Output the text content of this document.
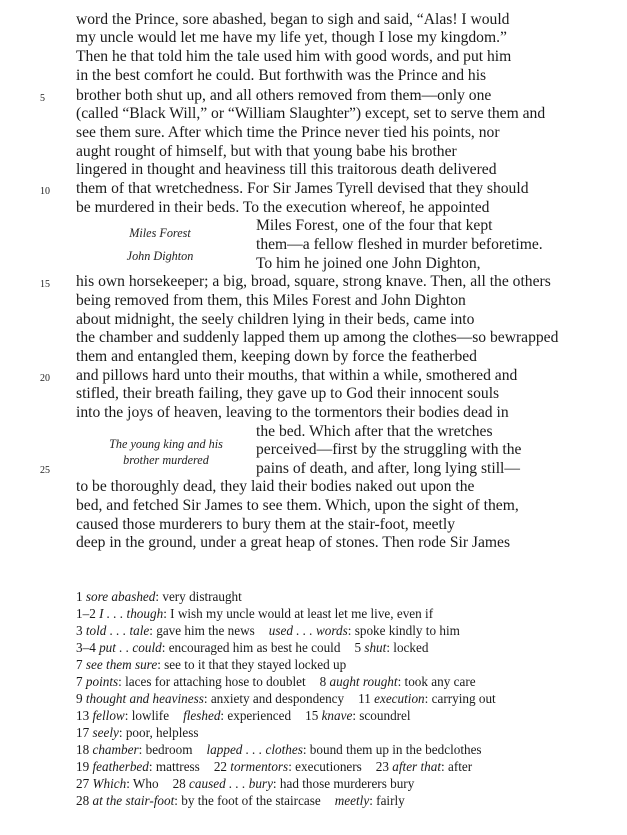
word the Prince, sore abashed, began to sigh and said, “Alas! I would
my uncle would let me have my life yet, though I lose my kingdom.”
Then he that told him the tale used him with good words, and put him
in the best comfort he could. But forthwith was the Prince and his
brother both shut up, and all others removed from them—only one
(called “Black Will,” or “William Slaughter”) except, set to serve them and
see them sure. After which time the Prince never tied his points, nor
aught rought of himself, but with that young babe his brother
lingered in thought and heaviness till this traitorous death delivered
them of that wretchedness. For Sir James Tyrell devised that they should
be murdered in their beds. To the execution whereof, he appointed
Miles Forest, one of the four that kept
them—a fellow fleshed in murder beforetime.
To him he joined one John Dighton,
his own horsekeeper; a big, broad, square, strong knave. Then, all the others
being removed from them, this Miles Forest and John Dighton
about midnight, the seely children lying in their beds, came into
the chamber and suddenly lapped them up among the clothes—so bewrapped
them and entangled them, keeping down by force the featherbed
and pillows hard unto their mouths, that within a while, smothered and
stifled, their breath failing, they gave up to God their innocent souls
into the joys of heaven, leaving to the tormentors their bodies dead in
the bed. Which after that the wretches
perceived—first by the struggling with the
pains of death, and after, long lying still—
to be thoroughly dead, they laid their bodies naked out upon the
bed, and fetched Sir James to see them. Which, upon the sight of them,
caused those murderers to bury them at the stair-foot, meetly
deep in the ground, under a great heap of stones. Then rode Sir James
5
10
15
20
25
Miles Forest
John Dighton
The young king and his
brother murdered
1 sore abashed: very distraught
1–2 I . . . though: I wish my uncle would at least let me live, even if
3 told . . . tale: gave him the news used . . . words: spoke kindly to him
3–4 put . . could: encouraged him as best he could 5 shut: locked
7 see them sure: see to it that they stayed locked up
7 points: laces for attaching hose to doublet 8 aught rought: took any care
9 thought and heaviness: anxiety and despondency 11 execution: carrying out
13 fellow: lowlife fleshed: experienced 15 knave: scoundrel
17 seely: poor, helpless
18 chamber: bedroom lapped . . . clothes: bound them up in the bedclothes
19 featherbed: mattress 22 tormentors: executioners 23 after that: after
27 Which: Who 28 caused . . . bury: had those murderers bury
28 at the stair-foot: by the foot of the staircase meetly: fairly
